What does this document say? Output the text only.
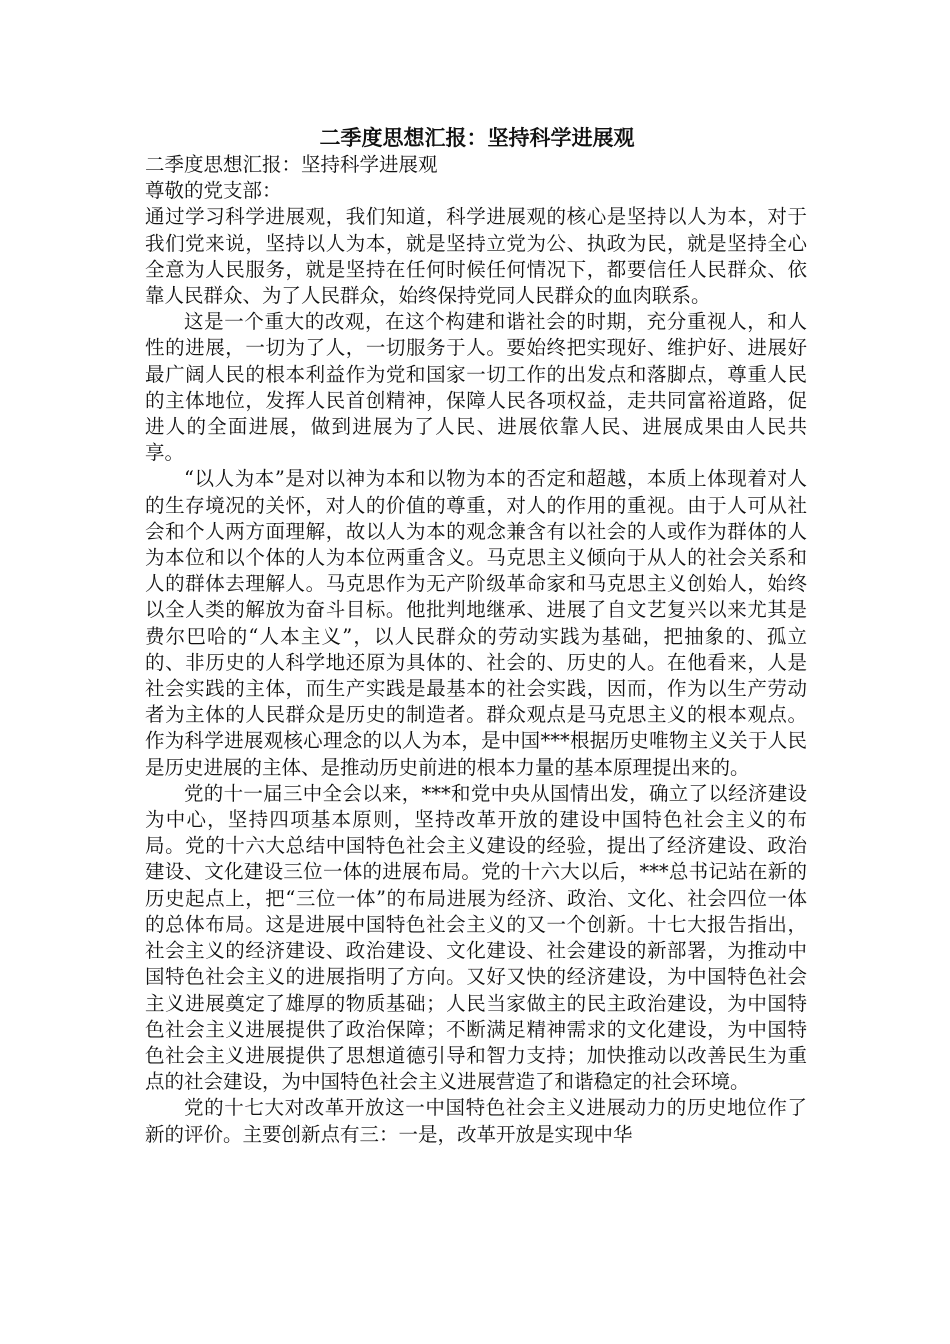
二季度思想汇报：坚持科学进展观

二季度思想汇报：坚持科学进展观

尊敬的党支部：

通过学习科学进展观，我们知道，科学进展观的核心是坚持以人为本，对于我们党来说，坚持以人为本，就是坚持立党为公、执政为民，就是坚持全心全意为人民服务，就是坚持在任何时候任何情况下，都要信任人民群众、依靠人民群众、为了人民群众，始终保持党同人民群众的血肉联系。

这是一个重大的改观，在这个构建和谐社会的时期，充分重视人，和人性的进展，一切为了人，一切服务于人。要始终把实现好、维护好、进展好最广阔人民的根本利益作为党和国家一切工作的出发点和落脚点，尊重人民的主体地位，发挥人民首创精神，保障人民各项权益，走共同富裕道路，促进人的全面进展，做到进展为了人民、进展依靠人民、进展成果由人民共享。

“以人为本”是对以神为本和以物为本的否定和超越，本质上体现着对人的生存境况的关怀，对人的价值的尊重，对人的作用的重视。由于人可从社会和个人两方面理解，故以人为本的观念兼含有以社会的人或作为群体的人为本位和以个体的人为本位两重含义。马克思主义倾向于从人的社会关系和人的群体去理解人。马克思作为无产阶级革命家和马克思主义创始人，始终以全人类的解放为奋斗目标。他批判地继承、进展了自文艺复兴以来尤其是费尔巴哈的“人本主义”，以人民群众的劳动实践为基础，把抽象的、孤立的、非历史的人科学地还原为具体的、社会的、历史的人。在他看来，人是社会实践的主体，而生产实践是最基本的社会实践，因而，作为以生产劳动者为主体的人民群众是历史的制造者。群众观点是马克思主义的根本观点。作为科学进展观核心理念的以人为本，是中国***根据历史唯物主义关于人民是历史进展的主体、是推动历史前进的根本力量的基本原理提出来的。

党的十一届三中全会以来，***和党中央从国情出发，确立了以经济建设为中心，坚持四项基本原则，坚持改革开放的建设中国特色社会主义的布局。党的十六大总结中国特色社会主义建设的经验，提出了经济建设、政治建设、文化建设三位一体的进展布局。党的十六大以后，***总书记站在新的历史起点上，把“三位一体”的布局进展为经济、政治、文化、社会四位一体的总体布局。这是进展中国特色社会主义的又一个创新。十七大报告指出，社会主义的经济建设、政治建设、文化建设、社会建设的新部署，为推动中国特色社会主义的进展指明了方向。又好又快的经济建设，为中国特色社会主义进展奠定了雄厚的物质基础；人民当家做主的民主政治建设，为中国特色社会主义进展提供了政治保障；不断满足精神需求的文化建设，为中国特色社会主义进展提供了思想道德引导和智力支持；加快推动以改善民生为重点的社会建设，为中国特色社会主义进展营造了和谐稳定的社会环境。

党的十七大对改革开放这一中国特色社会主义进展动力的历史地位作了新的评价。主要创新点有三：一是，改革开放是实现中华
